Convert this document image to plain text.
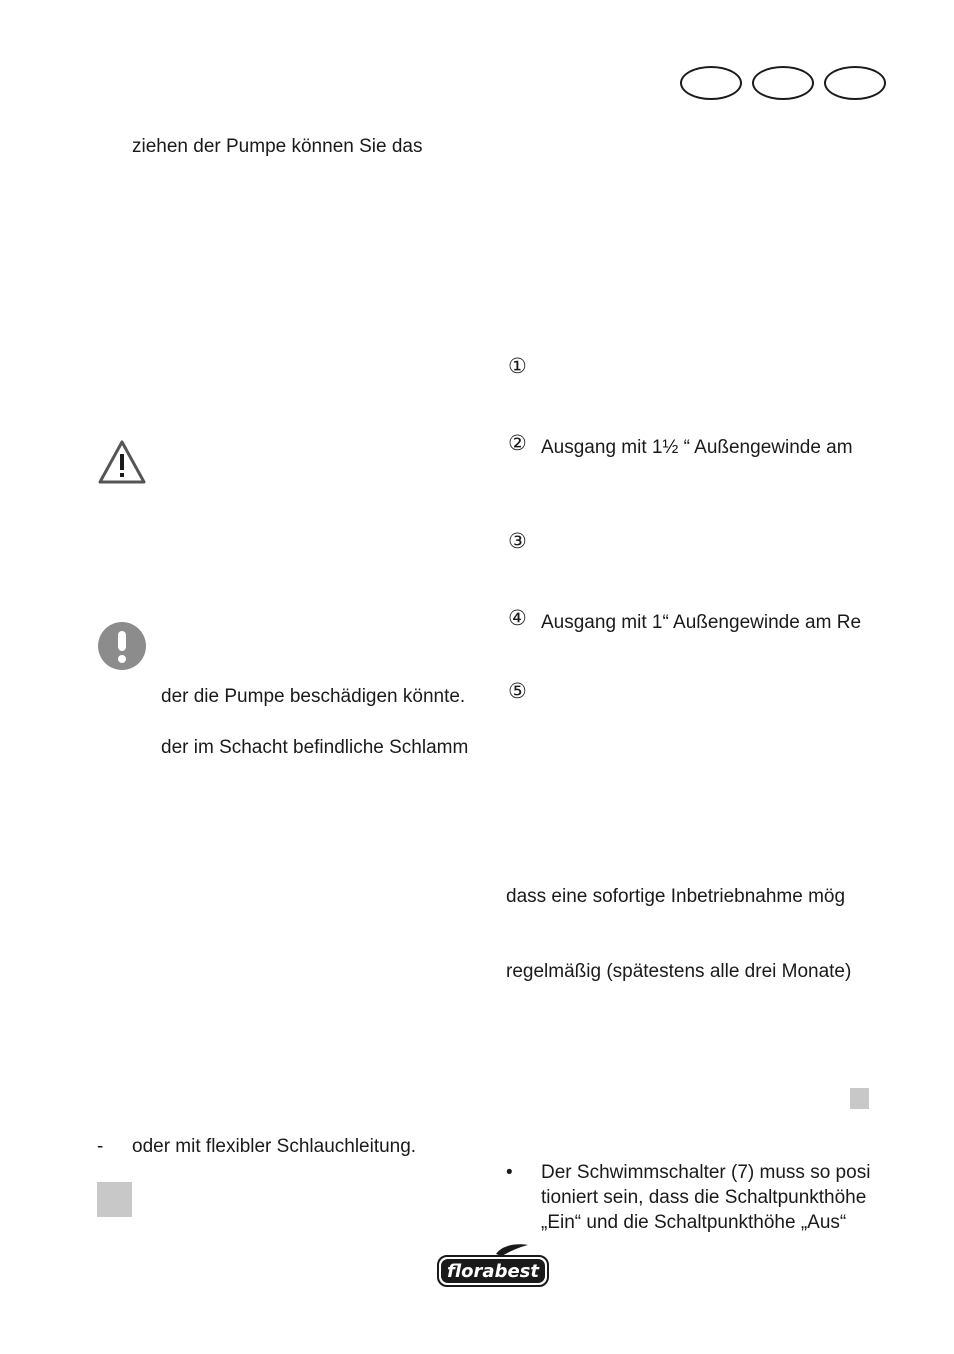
ziehen der Pumpe können Sie das
der die Pumpe beschädigen könnte.
der im Schacht befindliche Schlamm
- oder mit flexibler Schlauchleitung.
①
② Ausgang mit 1½ “ Außengewinde am
③
④ Ausgang mit 1“ Außengewinde am Re
⑤
dass eine sofortige Inbetriebnahme mög
regelmäßig (spätestens alle drei Monate)
• Der Schwimmschalter (7) muss so posi
tioniert sein, dass die Schaltpunkthöhe
„Ein“ und die Schaltpunkthöhe „Aus“
florabest
